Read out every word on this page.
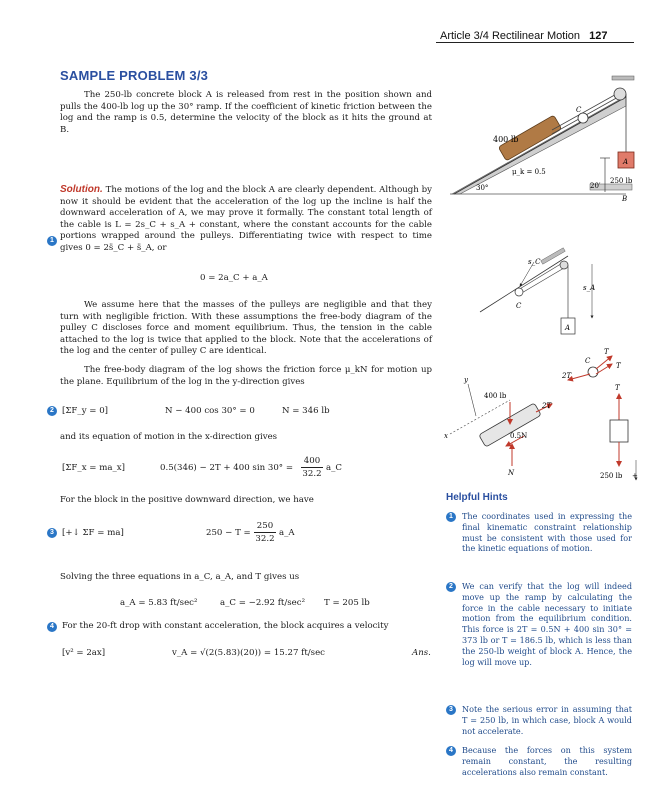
Article 3/4 Rectilinear Motion 127
SAMPLE PROBLEM 3/3
The 250-lb concrete block A is released from rest in the position shown and pulls the 400-lb log up the 30° ramp. If the coefficient of kinetic friction between the log and the ramp is 0.5, determine the velocity of the block as it hits the ground at B.
Solution. The motions of the log and the block A are clearly dependent. Although by now it should be evident that the acceleration of the log up the incline is half the downward acceleration of A, we may prove it formally. The constant total length of the cable is L = 2s_C + s_A + constant, where the constant accounts for the cable portions wrapped around the pulleys. Differentiating twice with respect to time gives 0 = 2s̈_C + s̈_A, or
1
0 = 2a_C + a_A
We assume here that the masses of the pulleys are negligible and that they turn with negligible friction. With these assumptions the free-body diagram of the pulley C discloses force and moment equilibrium. Thus, the tension in the cable attached to the log is twice that applied to the block. Note that the accelerations of the log and the center of pulley C are identical.
The free-body diagram of the log shows the friction force μ_kN for motion up the plane. Equilibrium of the log in the y-direction gives
2 [ΣF_y = 0]	N − 400 cos 30° = 0	N = 346 lb
and its equation of motion in the x-direction gives
[ΣF_x = ma_x]	0.5(346) − 2T + 400 sin 30° =
400
32.2
a_C
For the block in the positive downward direction, we have
3 [+↓ ΣF = ma]	250 − T =
250
32.2
a_A
Solving the three equations in a_C, a_A, and T gives us
a_A = 5.83 ft/sec²	a_C = −2.92 ft/sec² T = 205 lb
4 For the 20-ft drop with constant acceleration, the block acquires a velocity
[v² = 2ax]	v_A = √(2(5.83)(20)) = 15.27 ft/sec	Ans.
400 lb
μ_k = 0.5
30°
C
A
250 lb
20′
B
s_C
C
s_A
A
T
T
2T
C
y
x
400 lb
2T
0.5N
N
T
250 lb +
Helpful Hints
1	The coordinates used in expressing the final kinematic constraint relationship must be consistent with those used for the kinetic equations of motion.
2	We can verify that the log will indeed move up the ramp by calculating the force in the cable necessary to initiate motion from the equilibrium condition. This force is 2T = 0.5N + 400 sin 30° = 373 lb or T = 186.5 lb, which is less than the 250-lb weight of block A. Hence, the log will move up.
3	Note the serious error in assuming that T = 250 lb, in which case, block A would not accelerate.
4	Because the forces on this system remain constant, the resulting accelerations also remain constant.
